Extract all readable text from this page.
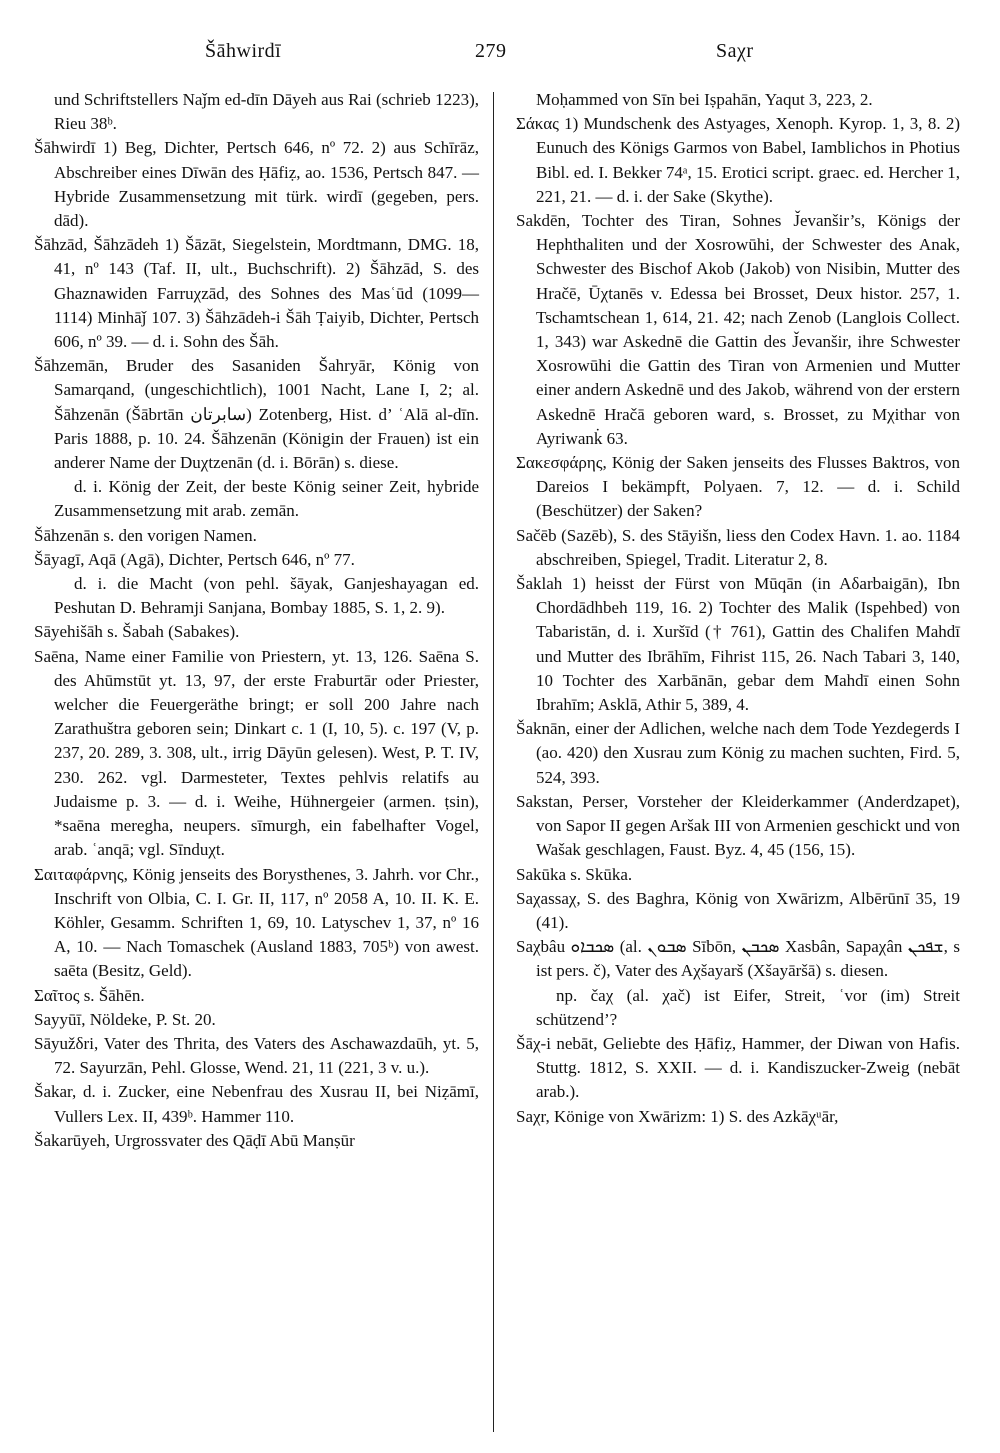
Šāhwirdī	279	Saχr

und Schriftstellers Naǰm ed-dīn Dāyeh aus Rai (schrieb 1223), Rieu 38ᵇ.

Šāhwirdī 1) Beg, Dichter, Pertsch 646, nº 72. 2) aus Schīrāz, Abschreiber eines Dīwān des Ḥāfiẓ, ao. 1536, Pertsch 847. — Hybride Zusammensetzung mit türk. wirdī (gegeben, pers. dād).

Šāhzād, Šāhzādeh 1) Šāzāt, Siegelstein, Mordtmann, DMG. 18, 41, nº 143 (Taf. II, ult., Buchschrift). 2) Šāhzād, S. des Ghaznawiden Farruχzād, des Sohnes des Masʿūd (1099—1114) Minhāǰ 107. 3) Šāhzādeh-i Šāh Ṭaiyib, Dichter, Pertsch 606, nº 39. — d. i. Sohn des Šāh.

Šāhzemān, Bruder des Sasaniden Šahryār, König von Samarqand, (ungeschichtlich), 1001 Nacht, Lane I, 2; al. Šāhzenān (Šābrtān سابرتان) Zotenberg, Hist. d’ ʿAlā al-dīn. Paris 1888, p. 10. 24. Šāhzenān (Königin der Frauen) ist ein anderer Name der Duχtzenān (d. i. Bōrān) s. diese.

d. i. König der Zeit, der beste König seiner Zeit, hybride Zusammensetzung mit arab. zemān.

Šāhzenān s. den vorigen Namen.

Šāyagī, Aqā (Agā), Dichter, Pertsch 646, nº 77.

d. i. die Macht (von pehl. šāyak, Ganjeshayagan ed. Peshutan D. Behramji Sanjana, Bombay 1885, S. 1, 2. 9).

Sāyehišāh s. Šabah (Sabakes).

Saēna, Name einer Familie von Priestern, yt. 13, 126. Saēna S. des Ahūmstūt yt. 13, 97, der erste Fraburtār oder Priester, welcher die Feuergeräthe bringt; er soll 200 Jahre nach Zarathuštra geboren sein; Dinkart c. 1 (I, 10, 5). c. 197 (V, p. 237, 20. 289, 3. 308, ult., irrig Dāyūn gelesen). West, P. T. IV, 230. 262. vgl. Darmesteter, Textes pehlvis relatifs au Judaisme p. 3. — d. i. Weihe, Hühnergeier (armen. ṭsin), *saēna meregha, neupers. sīmurgh, ein fabelhafter Vogel, arab. ʿanqā; vgl. Sīnduχt.

Σαιταφάρνης, König jenseits des Borysthenes, 3. Jahrh. vor Chr., Inschrift von Olbia, C. I. Gr. II, 117, nº 2058 A, 10. II. K. E. Köhler, Gesamm. Schriften 1, 69, 10. Latyschev 1, 37, nº 16 A, 10. — Nach Tomaschek (Ausland 1883, 705ᵇ) von awest. saēta (Besitz, Geld).

Σαῖτος s. Šāhēn.

Sayyūī, Nöldeke, P. St. 20.

Sāyužδri, Vater des Thrita, des Vaters des Aschawazdaūh, yt. 5, 72. Sayurzān, Pehl. Glosse, Wend. 21, 11 (221, 3 v. u.).

Šakar, d. i. Zucker, eine Nebenfrau des Xusrau II, bei Niẓāmī, Vullers Lex. II, 439ᵇ. Hammer 110.

Šakarūyeh, Urgrossvater des Qāḍī Abū Manṣūr

Moḥammed von Sīn bei Iṣpahān, Yaqut 3, 223, 2.

Σάκας 1) Mundschenk des Astyages, Xenoph. Kyrop. 1, 3, 8. 2) Eunuch des Königs Garmos von Babel, Iamblichos in Photius Bibl. ed. I. Bekker 74ᵃ, 15. Erotici script. graec. ed. Hercher 1, 221, 21. — d. i. der Sake (Skythe).

Sakdēn, Tochter des Tiran, Sohnes J̌evanšir’s, Königs der Hephthaliten und der Xosrowūhi, der Schwester des Anak, Schwester des Bischof Akob (Jakob) von Nisibin, Mutter des Hračē, Ūχtanēs v. Edessa bei Brosset, Deux histor. 257, 1. Tschamtschean 1, 614, 21. 42; nach Zenob (Langlois Collect. 1, 343) war Askednē die Gattin des J̌evanšir, ihre Schwester Xosrowūhi die Gattin des Tiran von Armenien und Mutter einer andern Askednē und des Jakob, während von der erstern Askednē Hračā geboren ward, s. Brosset, zu Mχithar von Ayriwank̇ 63.

Σακεσφάρης, König der Saken jenseits des Flusses Baktros, von Dareios I bekämpft, Polyaen. 7, 12. — d. i. Schild (Beschützer) der Saken?

Sačēb (Sazēb), S. des Stāyišn, liess den Codex Havn. 1. ao. 1184 abschreiben, Spiegel, Tradit. Literatur 2, 8.

Šaklah 1) heisst der Fürst von Mūqān (in Aδarbaigān), Ibn Chordādhbeh 119, 16. 2) Tochter des Malik (Ispehbed) von Tabaristān, d. i. Xuršīd († 761), Gattin des Chalifen Mahdī und Mutter des Ibrāhīm, Fihrist 115, 26. Nach Tabari 3, 140, 10 Tochter des Xarbānān, gebar dem Mahdī einen Sohn Ibrahīm; Asklā, Athir 5, 389, 4.

Šaknān, einer der Adlichen, welche nach dem Tode Yezdegerds I (ao. 420) den Xusrau zum König zu machen suchten, Fird. 5, 524, 393.

Sakstan, Perser, Vorsteher der Kleiderkammer (Anderdzapet), von Sapor II gegen Aršak III von Armenien geschickt und von Wašak geschlagen, Faust. Byz. 4, 45 (156, 15).

Sakūka s. Skūka.

Saχassaχ, S. des Baghra, König von Xwārizm, Albērūnī 35, 19 (41).

Saχbâu ܣܟܒܐܘ (al. ܣܒܘܢ Sībōn, ܣܟܒܢ Xasbân, Sapaχân ܫܦܟܢ, s ist pers. č), Vater des Aχšayarš (Xšayāršā) s. diesen.

np. čaχ (al. χač) ist Eifer, Streit, ʿvor (im) Streit schützend’?

Šāχ-i nebāt, Geliebte des Ḥāfiẓ, Hammer, der Diwan von Hafis. Stuttg. 1812, S. XXII. — d. i. Kandiszucker-Zweig (nebāt arab.).

Saχr, Könige von Xwārizm: 1) S. des Azkāχᵘār,
